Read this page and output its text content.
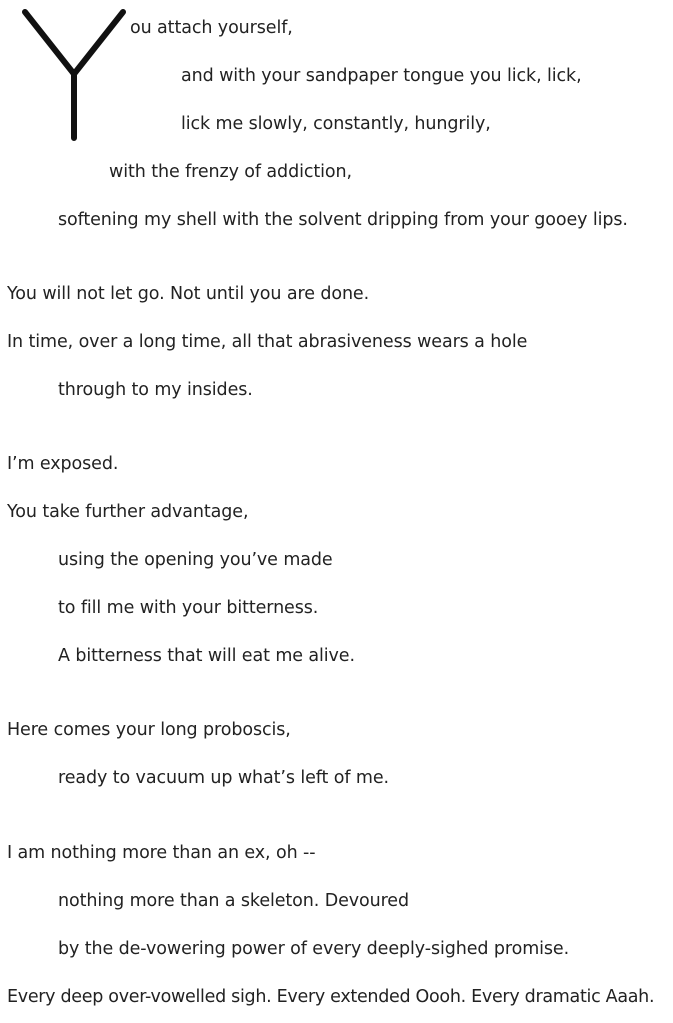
ou attach yourself,
and with your sandpaper tongue you lick, lick,
lick me slowly, constantly, hungrily,
with the frenzy of addiction,
softening my shell with the solvent dripping from your gooey lips.
You will not let go. Not until you are done.
In time, over a long time, all that abrasiveness wears a hole
through to my insides.
I’m exposed.
You take further advantage,
using the opening you’ve made
to fill me with your bitterness.
A bitterness that will eat me alive.
Here comes your long proboscis,
ready to vacuum up what’s left of me.
I am nothing more than an ex, oh --
nothing more than a skeleton. Devoured
by the de-vowering power of every deeply-sighed promise.
Every deep over-vowelled sigh. Every extended Oooh. Every dramatic Aaah.
